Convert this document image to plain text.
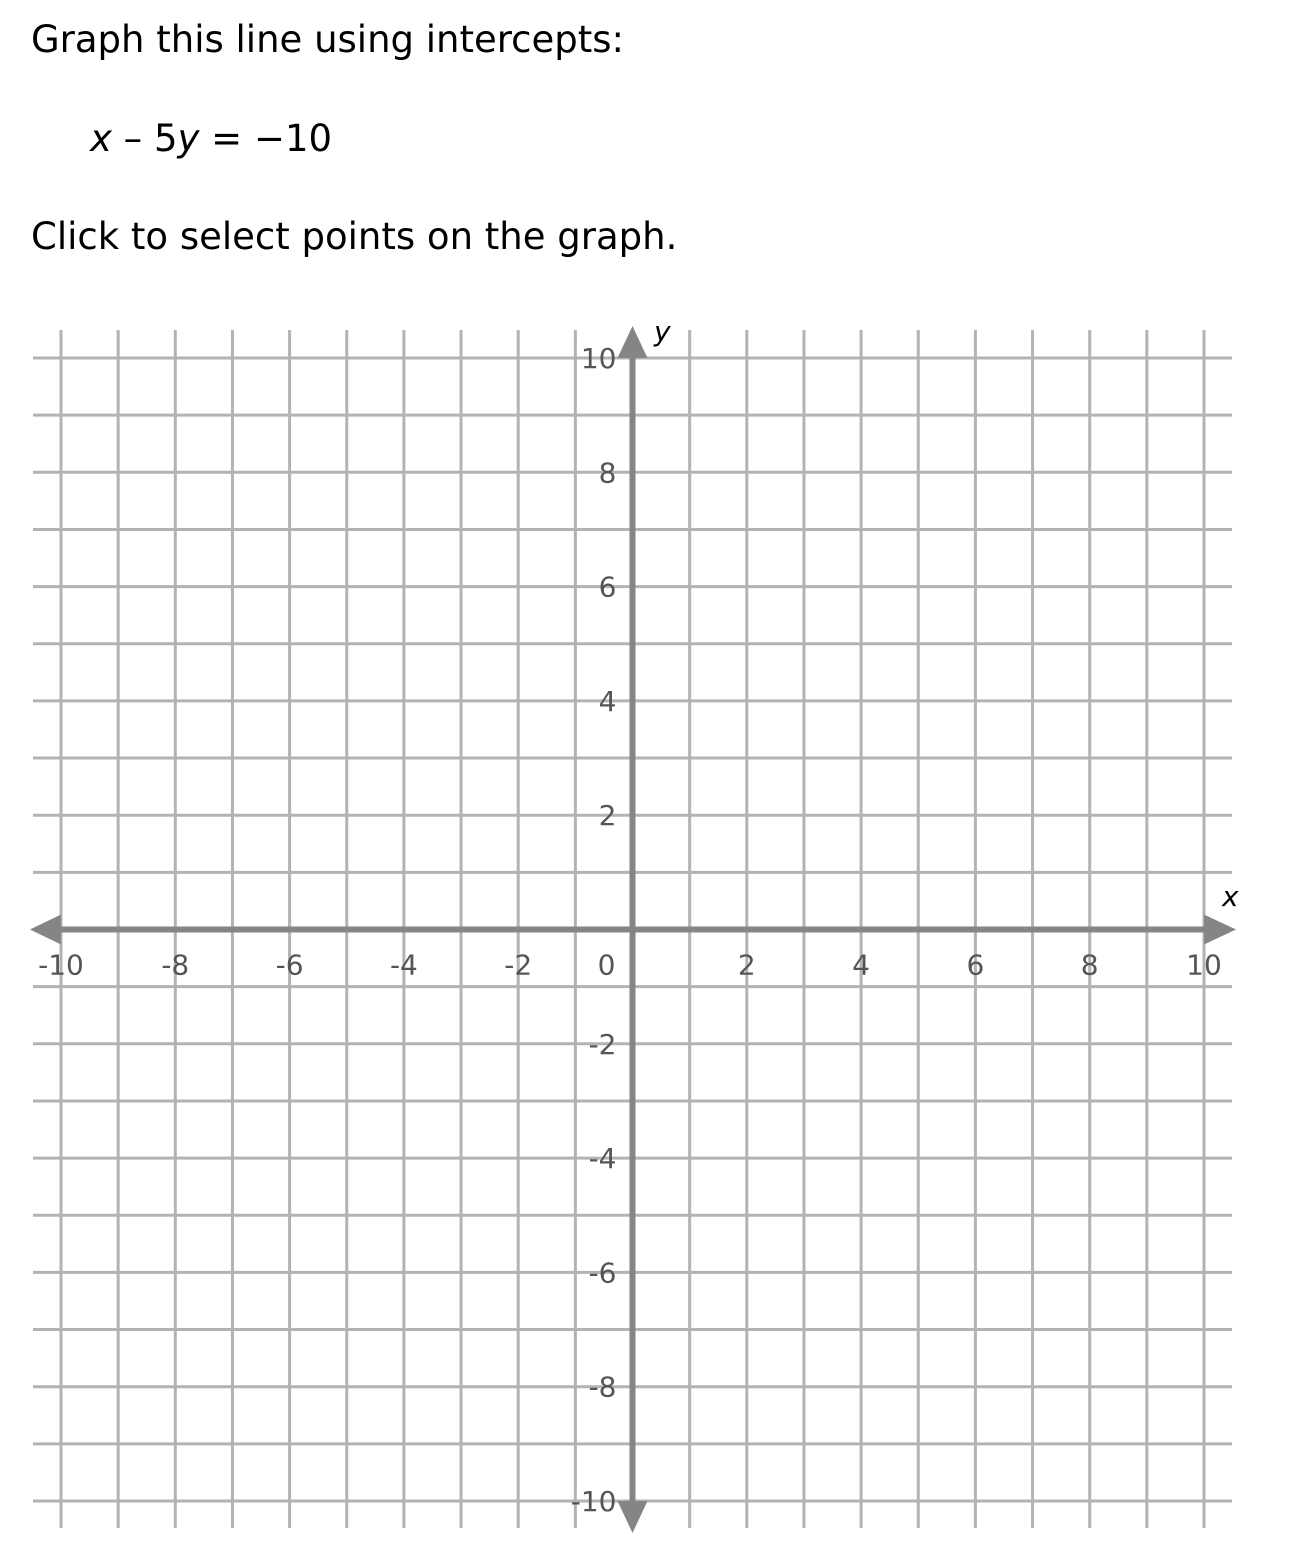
Graph this line using intercepts:
x – 5y = −10

Click to select points on the graph.

-10	-8	-6	-4	-2 0	2	4	6	8	10
10
8
6
4
2
-2
-4
-6
-8
-10
x
y
